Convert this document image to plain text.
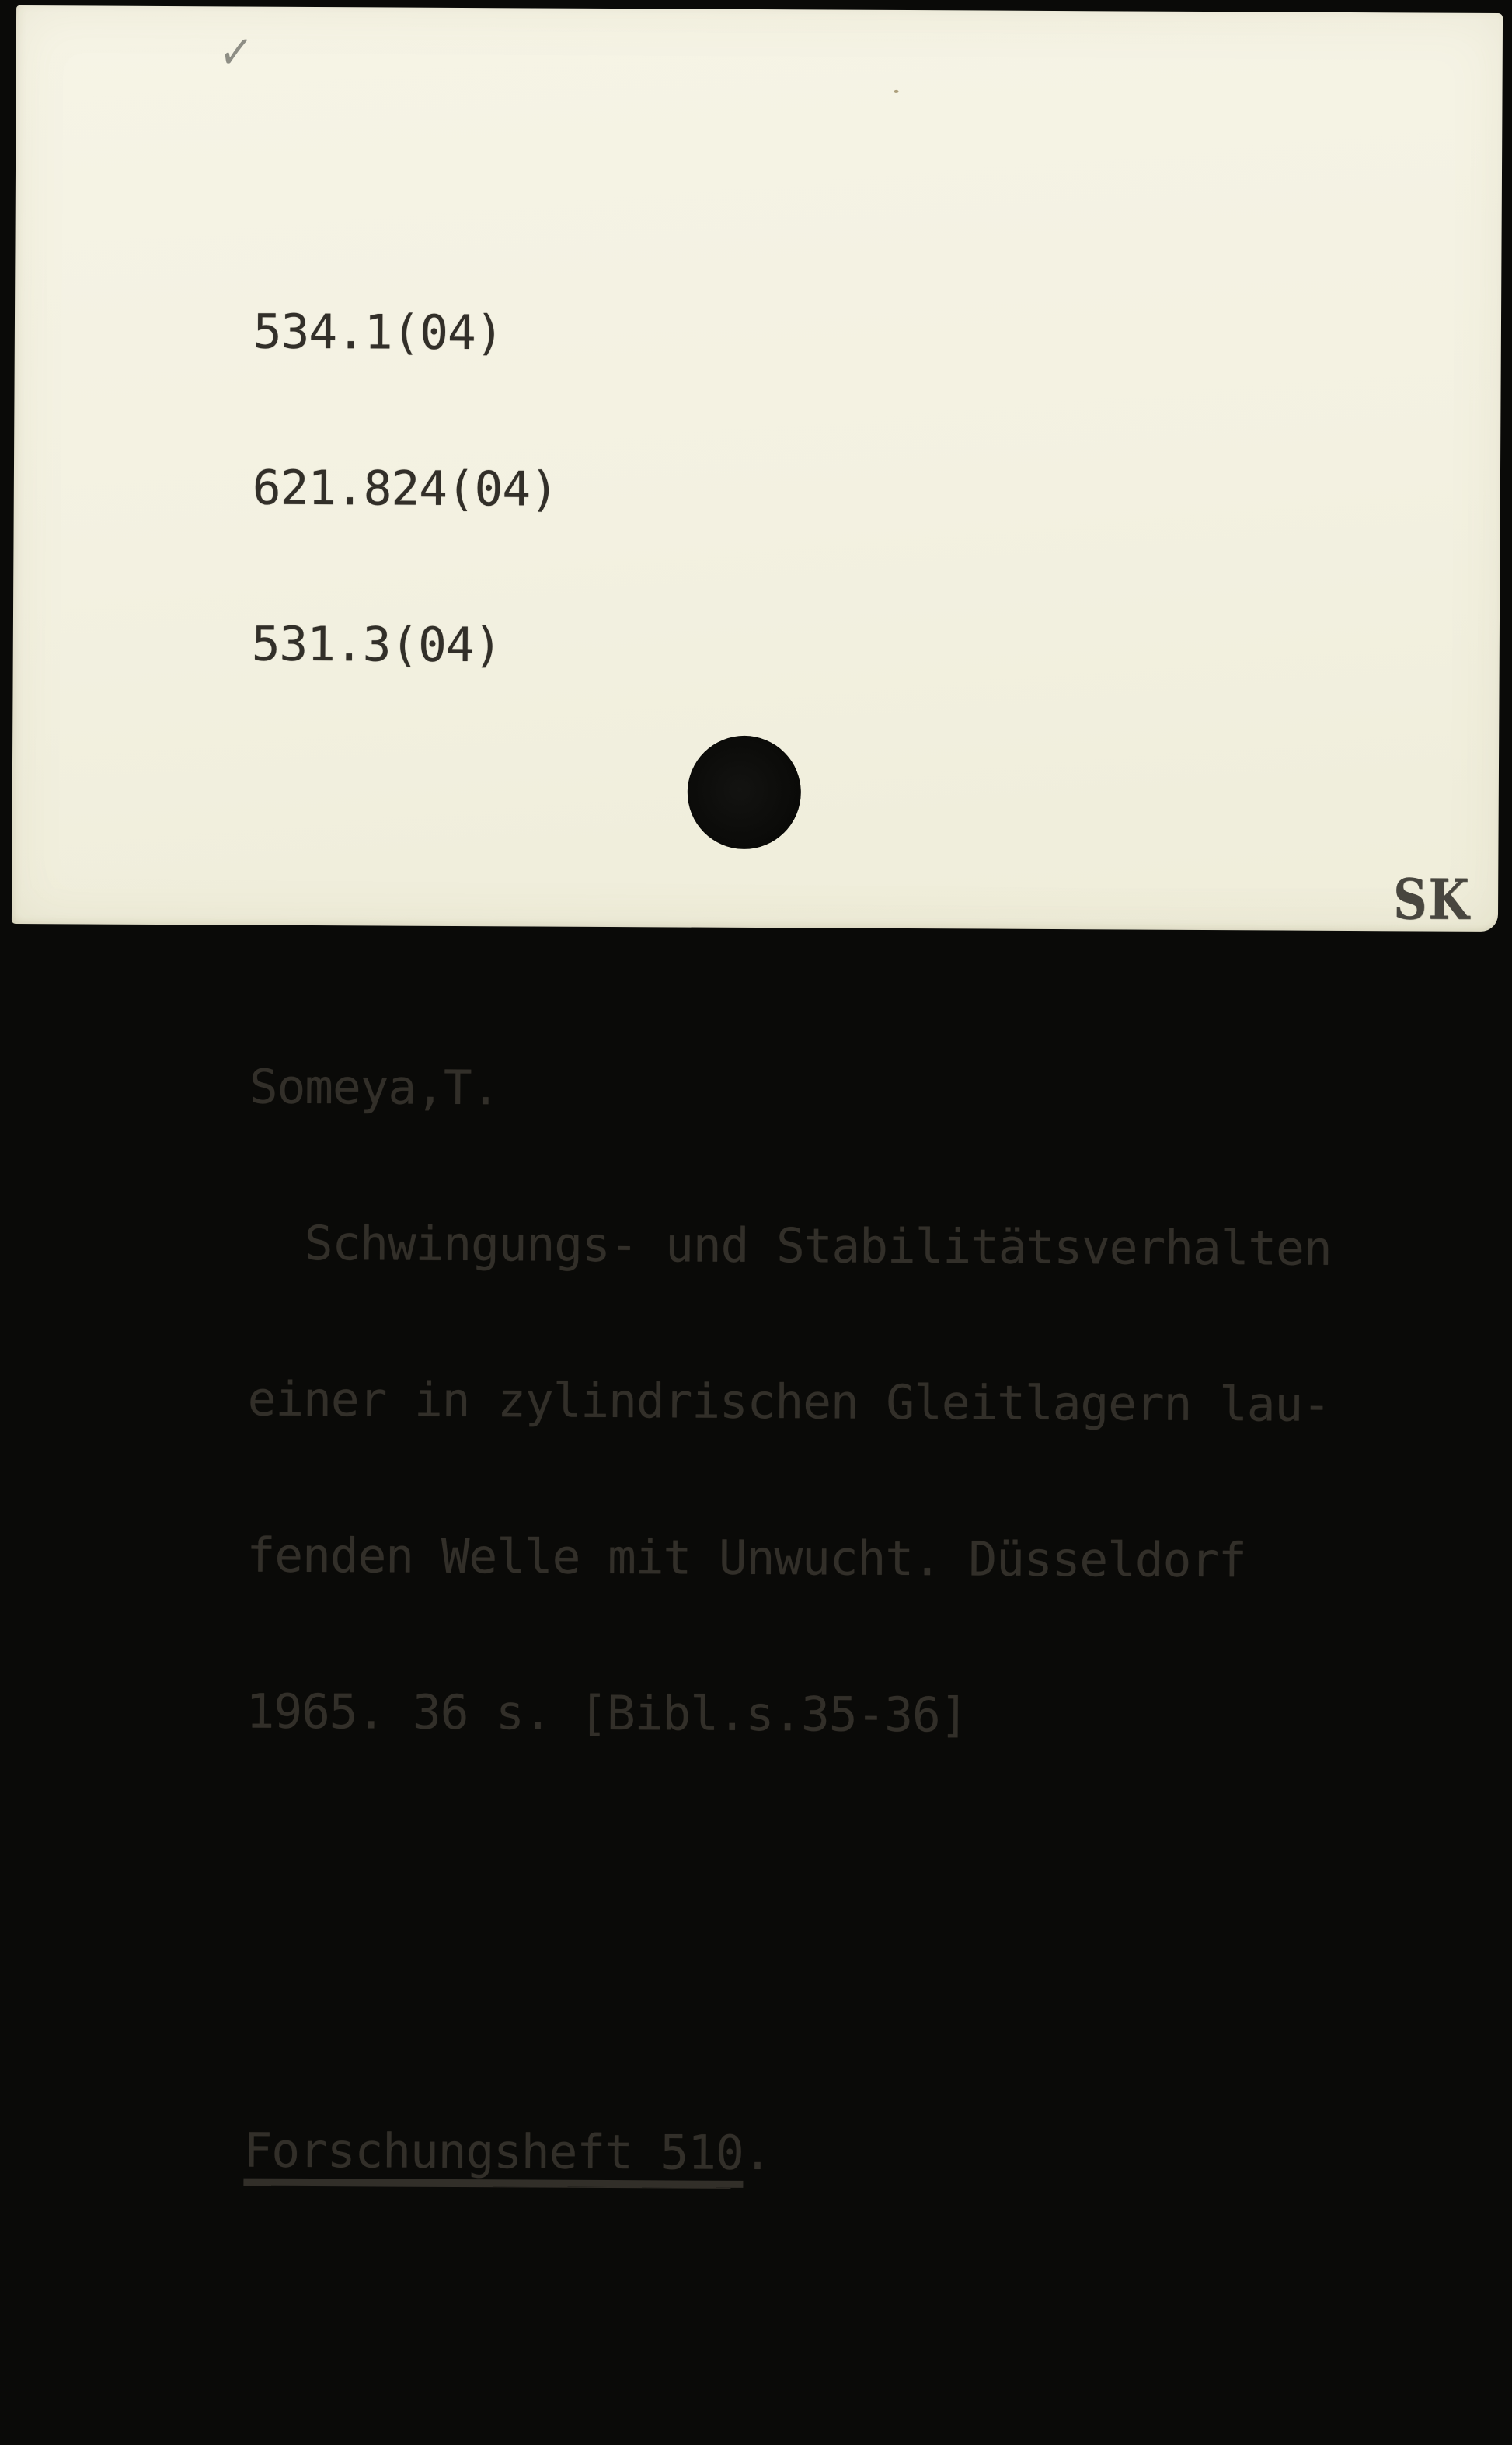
✓

534.1(04)

621.824(04)

531.3(04)

Someya,T.

Schwingungs- und Stabilitätsverhalten

einer in zylindrischen Gleitlagern lau-

fenden Welle mit Unwucht. Düsseldorf

1965. 36 s. [Bibl.s.35-36]

Forschungsheft 510.

SK
